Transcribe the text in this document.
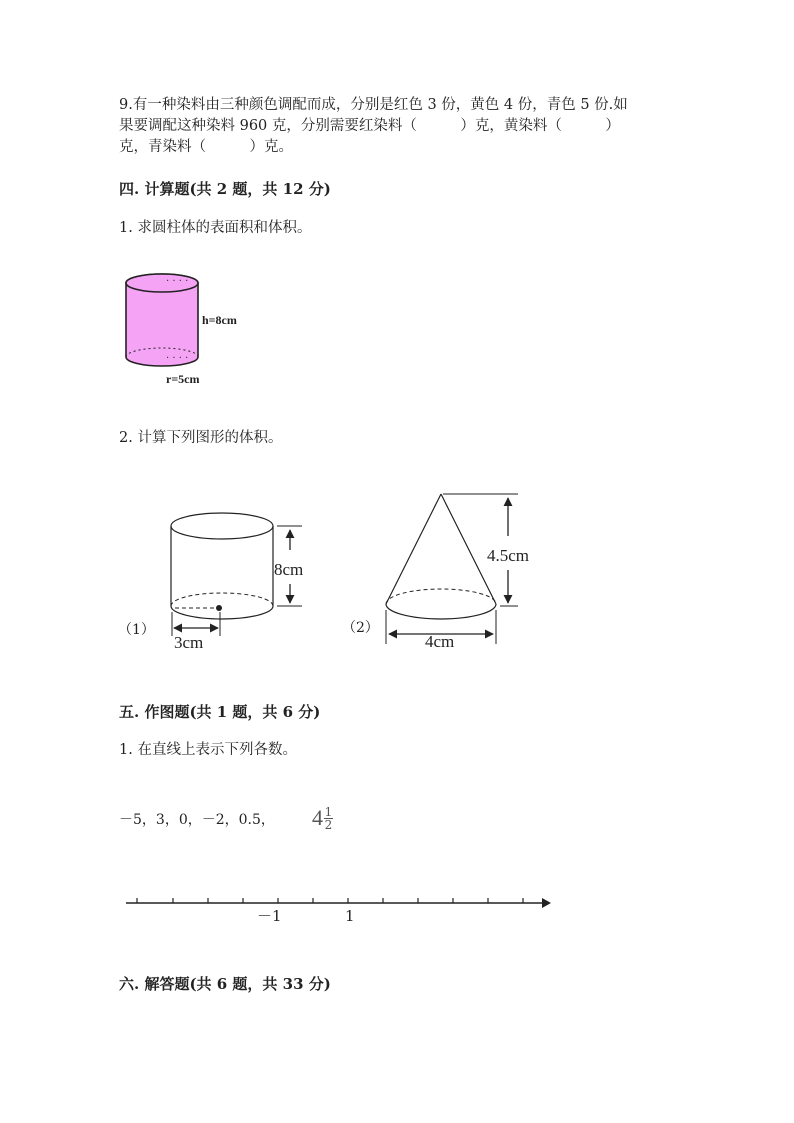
9.有一种染料由三种颜色调配而成，分别是红色 3 份，黄色 4 份，青色 5 份.如
果要调配这种染料 960 克，分别需要红染料（　　　）克，黄染料（　　　）
克，青染料（　　　）克。
四. 计算题(共 2 题，共 12 分)
1. 求圆柱体的表面积和体积。
· · · ·
· · · ·
h=8cm
r=5cm
2. 计算下列图形的体积。
（1）
8cm
3cm
（2）
4.5cm
4cm
五. 作图题(共 1 题，共 6 分)
1. 在直线上表示下列各数。
－5，3，0，－2，0.5， 4 1
2
－1	1
六. 解答题(共 6 题，共 33 分)
